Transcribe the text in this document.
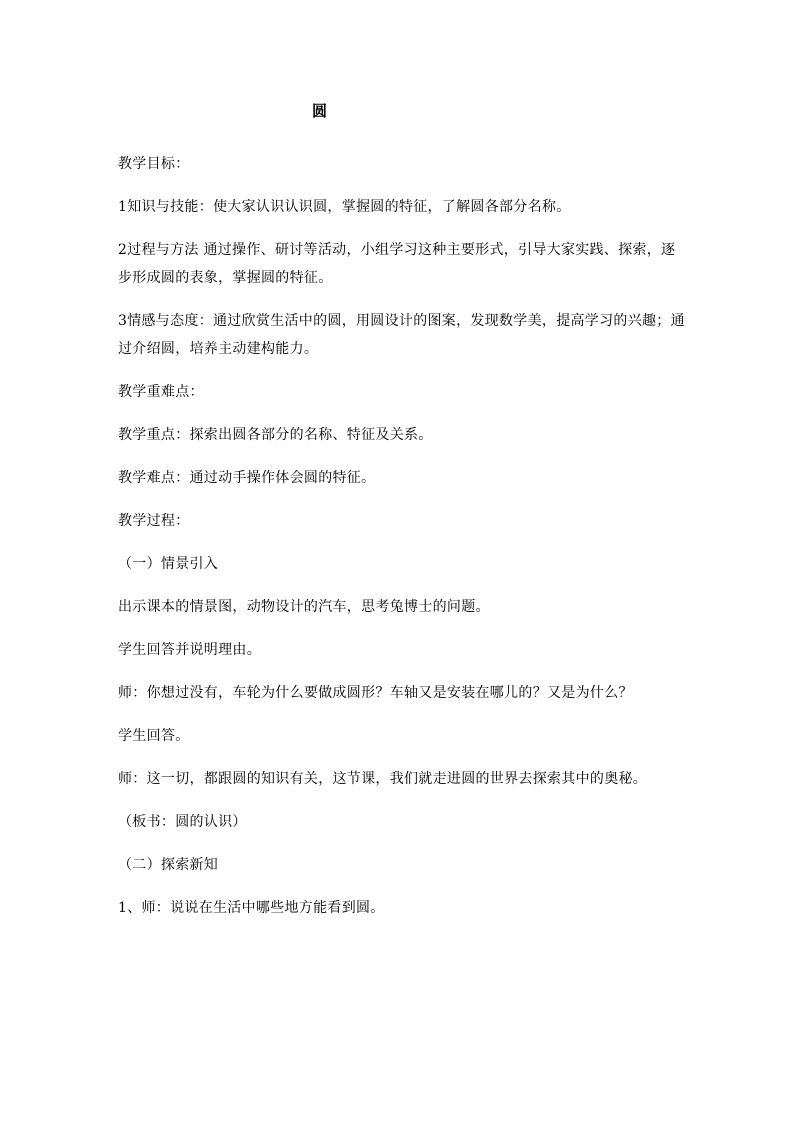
圆

教学目标：

1知识与技能：使大家认识认识圆，掌握圆的特征，了解圆各部分名称。

2过程与方法 通过操作、研讨等活动，小组学习这种主要形式，引导大家实践、探索，逐步形成圆的表象，掌握圆的特征。

3情感与态度：通过欣赏生活中的圆，用圆设计的图案，发现数学美，提高学习的兴趣；通过介绍圆，培养主动建构能力。

教学重难点：

教学重点：探索出圆各部分的名称、特征及关系。

教学难点：通过动手操作体会圆的特征。

教学过程：

（一）情景引入

出示课本的情景图，动物设计的汽车，思考兔博士的问题。

学生回答并说明理由。

师：你想过没有，车轮为什么要做成圆形？车轴又是安装在哪儿的？又是为什么？

学生回答。

师：这一切，都跟圆的知识有关，这节课，我们就走进圆的世界去探索其中的奥秘。

（板书：圆的认识）

（二）探索新知

1、师：说说在生活中哪些地方能看到圆。
